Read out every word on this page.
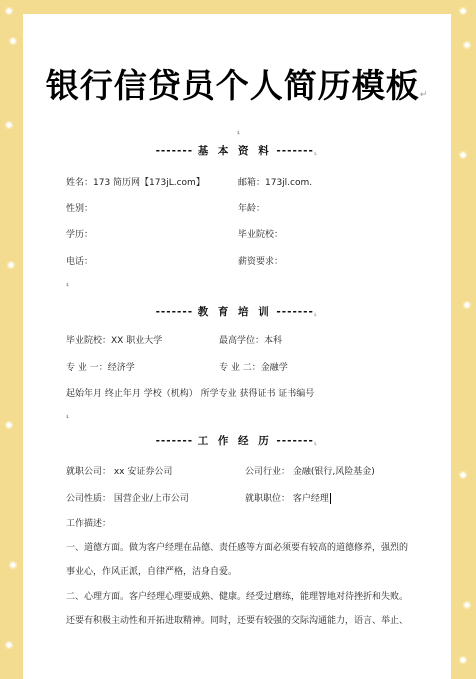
银行信贷员个人简历模板↵
⸤
------- 基 本 资 料 -------⸤
姓名：173 简历网【173jL.com】	邮箱：173jl.com.
性别：	年龄：
学历：	毕业院校：
电话：	薪资要求：
⸤
------- 教 育 培 训 -------⸤
毕业院校：XX 职业大学	最高学位：本科
专 业 一：经济学	专 业 二：金融学
起始年月 终止年月 学校（机构） 所学专业 获得证书 证书编号
⸤
------- 工 作 经 历 -------⸤
就职公司： xx 安证券公司	公司行业： 金融(银行,风险基金)
公司性质： 国营企业/上市公司	就职职位： 客户经理
工作描述：
一、道德方面。做为客户经理在品德、责任感等方面必须要有较高的道德修养，强烈的
事业心，作风正派，自律严格，洁身自爱。
二、心理方面。客户经理心理要成熟、健康。经受过磨练，能理智地对待挫折和失败。
还要有积极主动性和开拓进取精神。同时，还要有较强的交际沟通能力，语言、举止、
